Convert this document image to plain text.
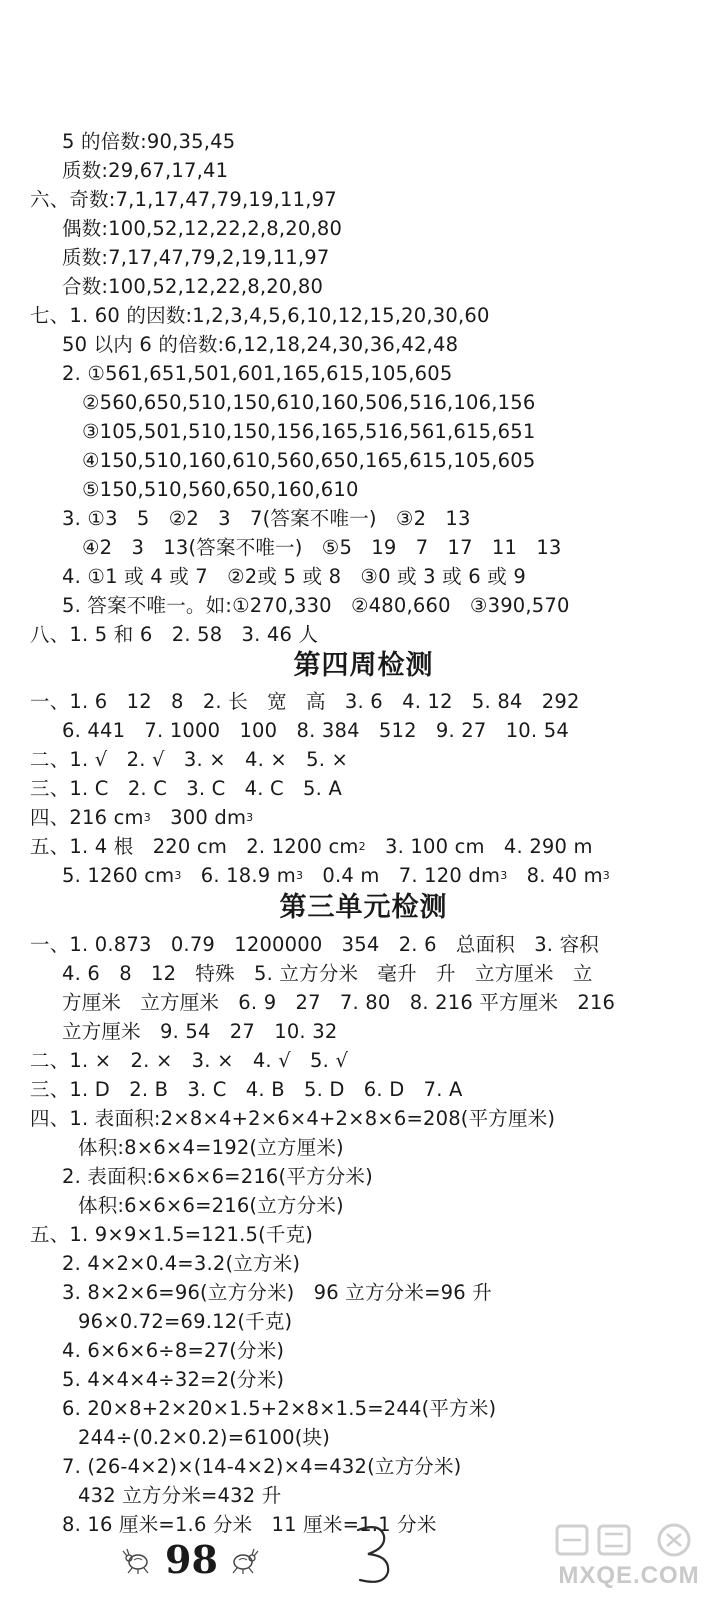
5 的倍数:90,35,45
质数:29,67,17,41
六、奇数:7,1,17,47,79,19,11,97
偶数:100,52,12,22,2,8,20,80
质数:7,17,47,79,2,19,11,97
合数:100,52,12,22,8,20,80
七、1. 60 的因数:1,2,3,4,5,6,10,12,15,20,30,60
50 以内 6 的倍数:6,12,18,24,30,36,42,48
2. ①561,651,501,601,165,615,105,605
②560,650,510,150,610,160,506,516,106,156
③105,501,510,150,156,165,516,561,615,651
④150,510,160,610,560,650,165,615,105,605
⑤150,510,560,650,160,610
3. ①3   5   ②2   3   7(答案不唯一)   ③2   13
④2   3   13(答案不唯一)   ⑤5   19   7   17   11   13
4. ①1 或 4 或 7   ②2或 5 或 8   ③0 或 3 或 6 或 9
5. 答案不唯一。如:①270,330   ②480,660   ③390,570
八、1. 5 和 6   2. 58   3. 46 人
第四周检测
一、1. 6   12   8   2. 长   宽   高   3. 6   4. 12   5. 84   292
6. 441   7. 1000   100   8. 384   512   9. 27   10. 54
二、1. √   2. √   3. ×   4. ×   5. ×
三、1. C   2. C   3. C   4. C   5. A
四、216 $cm^3$   300 $dm^3$
五、1. 4 根   220 cm   2. 1200 $cm^2$   3. 100 cm   4. 290 m
5. 1260 $cm^3$   6. 18.9 $m^3$   0.4 m   7. 120 $dm^3$   8. 40 $m^3$
第三单元检测
一、1. 0.873   0.79   1200000   354   2. 6   总面积   3. 容积
4. 6   8   12   特殊   5. 立方分米   毫升   升   立方厘米   立
方厘米   立方厘米   6. 9   27   7. 80   8. 216 平方厘米   216
立方厘米   9. 54   27   10. 32
二、1. ×   2. ×   3. ×   4. √   5. √
三、1. D   2. B   3. C   4. B   5. D   6. D   7. A
四、1. 表面积:2×8×4+2×6×4+2×8×6=208(平方厘米)
体积:8×6×4=192(立方厘米)
2. 表面积:6×6×6=216(平方分米)
体积:6×6×6=216(立方分米)
五、1. 9×9×1.5=121.5(千克)
2. 4×2×0.4=3.2(立方米)
3. 8×2×6=96(立方分米)   96 立方分米=96 升
96×0.72=69.12(千克)
4. 6×6×6÷8=27(分米)
5. 4×4×4÷32=2(分米)
6. 20×8+2×20×1.5+2×8×1.5=244(平方米)
244÷(0.2×0.2)=6100(块)
7. (26-4×2)×(14-4×2)×4=432(立方分米)
432 立方分米=432 升
8. 16 厘米=1.6 分米   11 厘米=1.1 分米
98	MXQE.COM
